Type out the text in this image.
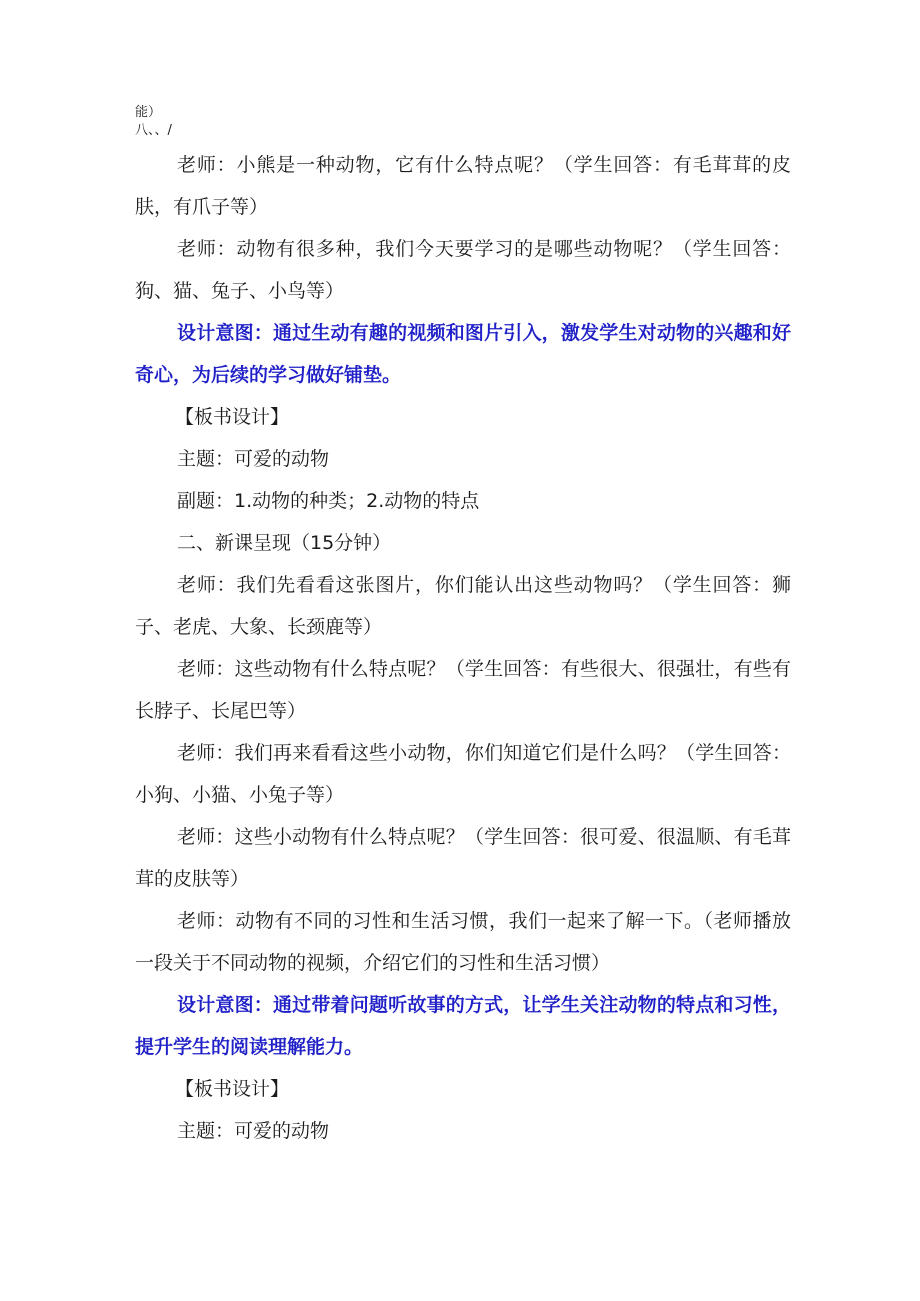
能）
八、、/

老师：小熊是一种动物，它有什么特点呢？（学生回答：有毛茸茸的皮肤，有爪子等）

老师：动物有很多种，我们今天要学习的是哪些动物呢？（学生回答：狗、猫、兔子、小鸟等）

设计意图：通过生动有趣的视频和图片引入，激发学生对动物的兴趣和好奇心，为后续的学习做好铺垫。

【板书设计】

主题：可爱的动物

副题：1.动物的种类；2.动物的特点

二、新课呈现（15分钟）

老师：我们先看看这张图片，你们能认出这些动物吗？（学生回答：狮子、老虎、大象、长颈鹿等）

老师：这些动物有什么特点呢？（学生回答：有些很大、很强壮，有些有长脖子、长尾巴等）

老师：我们再来看看这些小动物，你们知道它们是什么吗？（学生回答：小狗、小猫、小兔子等）

老师：这些小动物有什么特点呢？（学生回答：很可爱、很温顺、有毛茸茸的皮肤等）

老师：动物有不同的习性和生活习惯，我们一起来了解一下。（老师播放一段关于不同动物的视频，介绍它们的习性和生活习惯）

设计意图：通过带着问题听故事的方式，让学生关注动物的特点和习性，提升学生的阅读理解能力。

【板书设计】

主题：可爱的动物
